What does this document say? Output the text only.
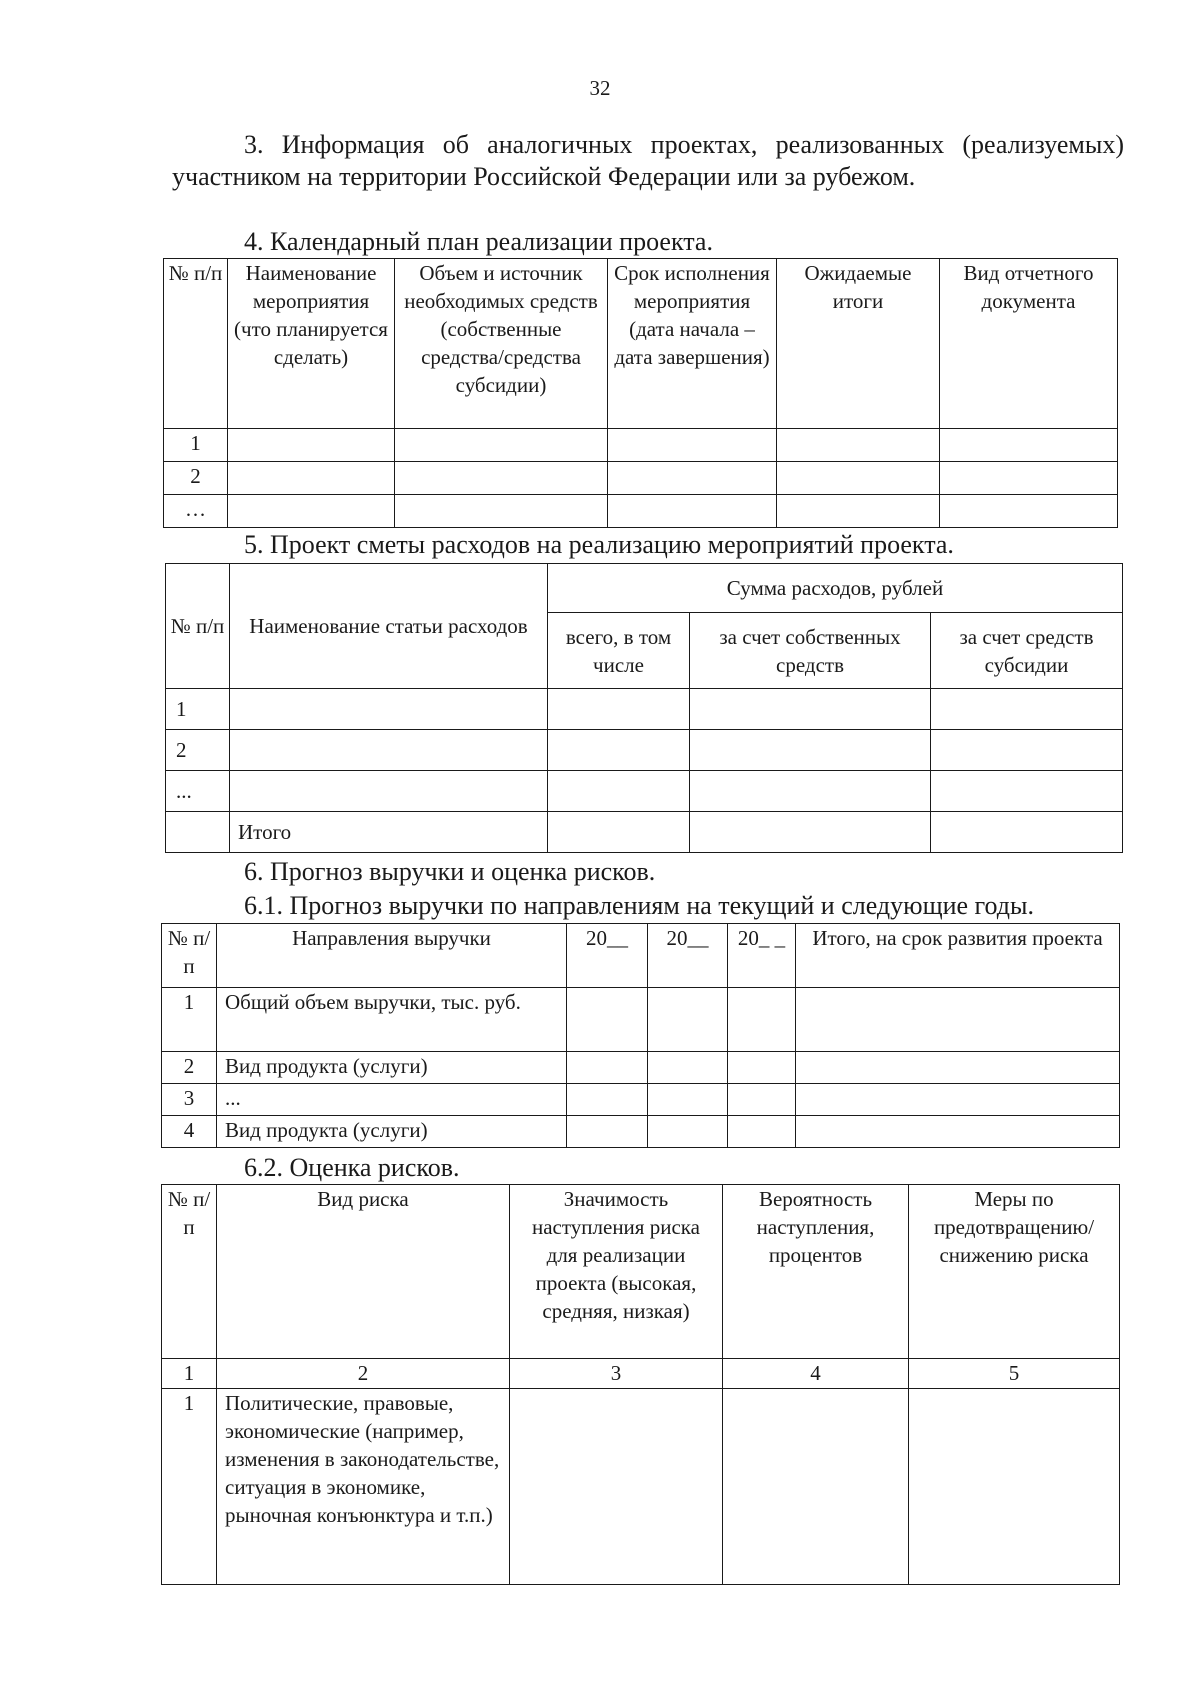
32
3. Информация об аналогичных проектах, реализованных (реализуемых) участником на территории Российской Федерации или за рубежом.
4. Календарный план реализации проекта.
№ п/п	Наименование мероприятия (что планируется сделать)	Объем и источник необходимых средств (собственные средства/средства субсидии)	Срок исполнения мероприятия (дата начала – дата завершения)	Ожидаемые итоги	Вид отчетного документа
1					
2					
…					
5. Проект сметы расходов на реализацию мероприятий проекта.
№ п/п	Наименование статьи расходов	Сумма расходов, рублей		
		всего, в том числе	за счет собственных средств	за счет средств субсидии
1				
2				
...				
	Итого			
6. Прогноз выручки и оценка рисков.
6.1. Прогноз выручки по направлениям на текущий и следующие годы.
№ п/п	Направления выручки	20__	20__	20_ _	Итого, на срок развития проекта
1	Общий объем выручки, тыс. руб.				
2	Вид продукта (услуги)				
3	...				
4	Вид продукта (услуги)				
6.2. Оценка рисков.
№ п/п	Вид риска	Значимость наступления риска для реализации проекта (высокая, средняя, низкая)	Вероятность наступления, процентов	Меры по предотвращению/ снижению риска
1	2	3	4	5
1	Политические, правовые, экономические (например, изменения в законодательстве, ситуация в экономике, рыночная конъюнктура и т.п.)			
